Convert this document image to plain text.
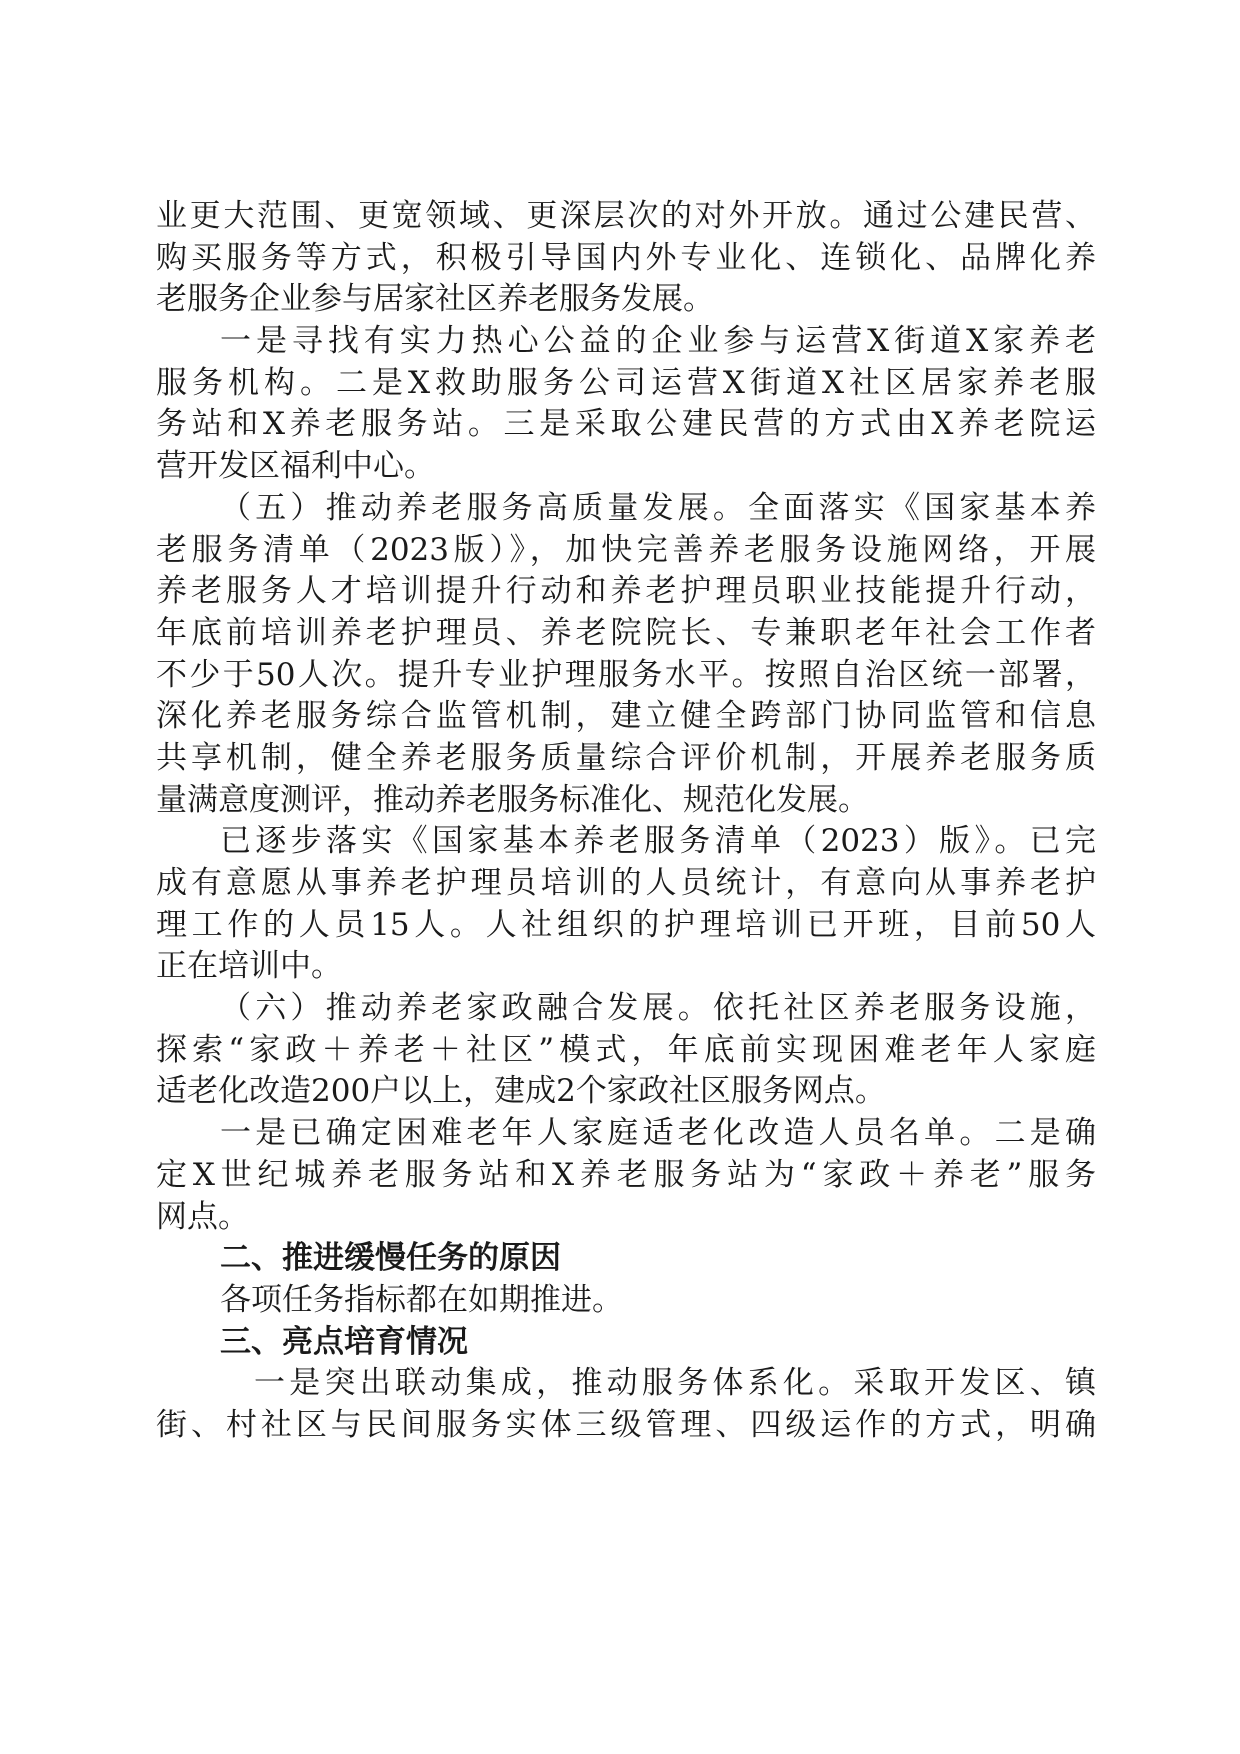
业更大范围、更宽领域、更深层次的对外开放。通过公建民营、
购买服务等方式，积极引导国内外专业化、连锁化、品牌化养
老服务企业参与居家社区养老服务发展。
一是寻找有实力热心公益的企业参与运营X街道X家养老
服务机构。二是X救助服务公司运营X街道X社区居家养老服
务站和X养老服务站。三是采取公建民营的方式由X养老院运
营开发区福利中心。
（五）推动养老服务高质量发展。全面落实《国家基本养
老服务清单（2023版）》，加快完善养老服务设施网络，开展
养老服务人才培训提升行动和养老护理员职业技能提升行动，
年底前培训养老护理员、养老院院长、专兼职老年社会工作者
不少于50人次。提升专业护理服务水平。按照自治区统一部署，
深化养老服务综合监管机制，建立健全跨部门协同监管和信息
共享机制，健全养老服务质量综合评价机制，开展养老服务质
量满意度测评，推动养老服务标准化、规范化发展。
已逐步落实《国家基本养老服务清单（2023）版》。已完
成有意愿从事养老护理员培训的人员统计，有意向从事养老护
理工作的人员15人。人社组织的护理培训已开班，目前50人
正在培训中。
（六）推动养老家政融合发展。依托社区养老服务设施，
探索“家政＋养老＋社区”模式，年底前实现困难老年人家庭
适老化改造200户以上，建成2个家政社区服务网点。
一是已确定困难老年人家庭适老化改造人员名单。二是确
定X世纪城养老服务站和X养老服务站为“家政＋养老”服务
网点。
二、推进缓慢任务的原因
各项任务指标都在如期推进。
三、亮点培育情况
一是突出联动集成，推动服务体系化。采取开发区、镇
街、村社区与民间服务实体三级管理、四级运作的方式，明确
